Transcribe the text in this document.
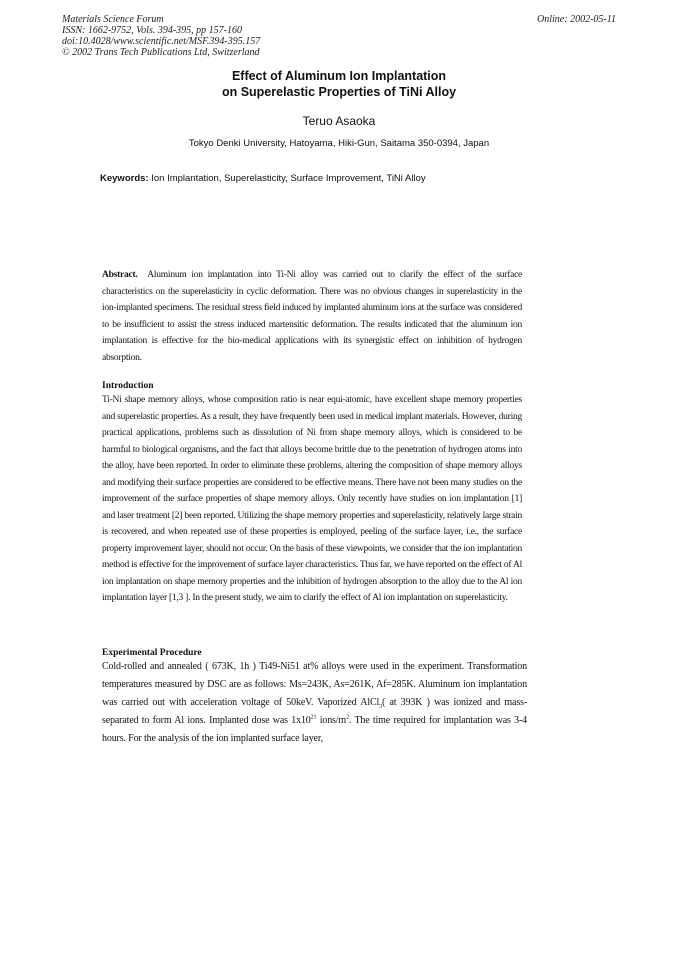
Materials Science Forum
ISSN: 1662-9752, Vols. 394-395, pp 157-160
doi:10.4028/www.scientific.net/MSF.394-395.157
© 2002 Trans Tech Publications Ltd, Switzerland
Online: 2002-05-11
Effect of Aluminum Ion Implantation
on Superelastic Properties of TiNi Alloy
Teruo Asaoka
Tokyo Denki University, Hatoyama, Hiki-Gun, Saitama 350-0394, Japan
Keywords: Ion Implantation, Superelasticity, Surface Improvement, TiNi Alloy
Abstract. Aluminum ion implantation into Ti-Ni alloy was carried out to clarify the effect of the surface characteristics on the superelasticity in cyclic deformation. There was no obvious changes in superelasticity in the ion-implanted specimens. The residual stress field induced by implanted aluminum ions at the surface was considered to be insufficient to assist the stress induced martensitic deformation. The results indicated that the aluminum ion implantation is effective for the bio-medical applications with its synergistic effect on inhibition of hydrogen absorption.
Introduction
Ti-Ni shape memory alloys, whose composition ratio is near equi-atomic, have excellent shape memory properties and superelastic properties. As a result, they have frequently been used in medical implant materials. However, during practical applications, problems such as dissolution of Ni from shape memory alloys, which is considered to be harmful to biological organisms, and the fact that alloys become brittle due to the penetration of hydrogen atoms into the alloy, have been reported. In order to eliminate these problems, altering the composition of shape memory alloys and modifying their surface properties are considered to be effective means. There have not been many studies on the improvement of the surface properties of shape memory alloys. Only recently have studies on ion implantation [1] and laser treatment [2] been reported. Utilizing the shape memory properties and superelasticity, relatively large strain is recovered, and when repeated use of these properties is employed, peeling of the surface layer, i.e., the surface property improvement layer, should not occur. On the basis of these viewpoints, we consider that the ion implantation method is effective for the improvement of surface layer characteristics. Thus far, we have reported on the effect of Al ion implantation on shape memory properties and the inhibition of hydrogen absorption to the alloy due to the Al ion implantation layer [1,3 ]. In the present study, we aim to clarify the effect of Al ion implantation on superelasticity.
Experimental Procedure
Cold-rolled and annealed ( 673K, 1h ) Ti49-Ni51 at% alloys were used in the experiment. Transformation temperatures measured by DSC are as follows: Ms=243K, As=261K, Af=285K. Aluminum ion implantation was carried out with acceleration voltage of 50keV. Vaporized AlCl$_3$( at 393K ) was ionized and mass-separated to form Al ions. Implanted dose was $1x10^{21}$ ions/$m^2$. The time required for implantation was 3-4 hours. For the analysis of the ion implanted surface layer,
